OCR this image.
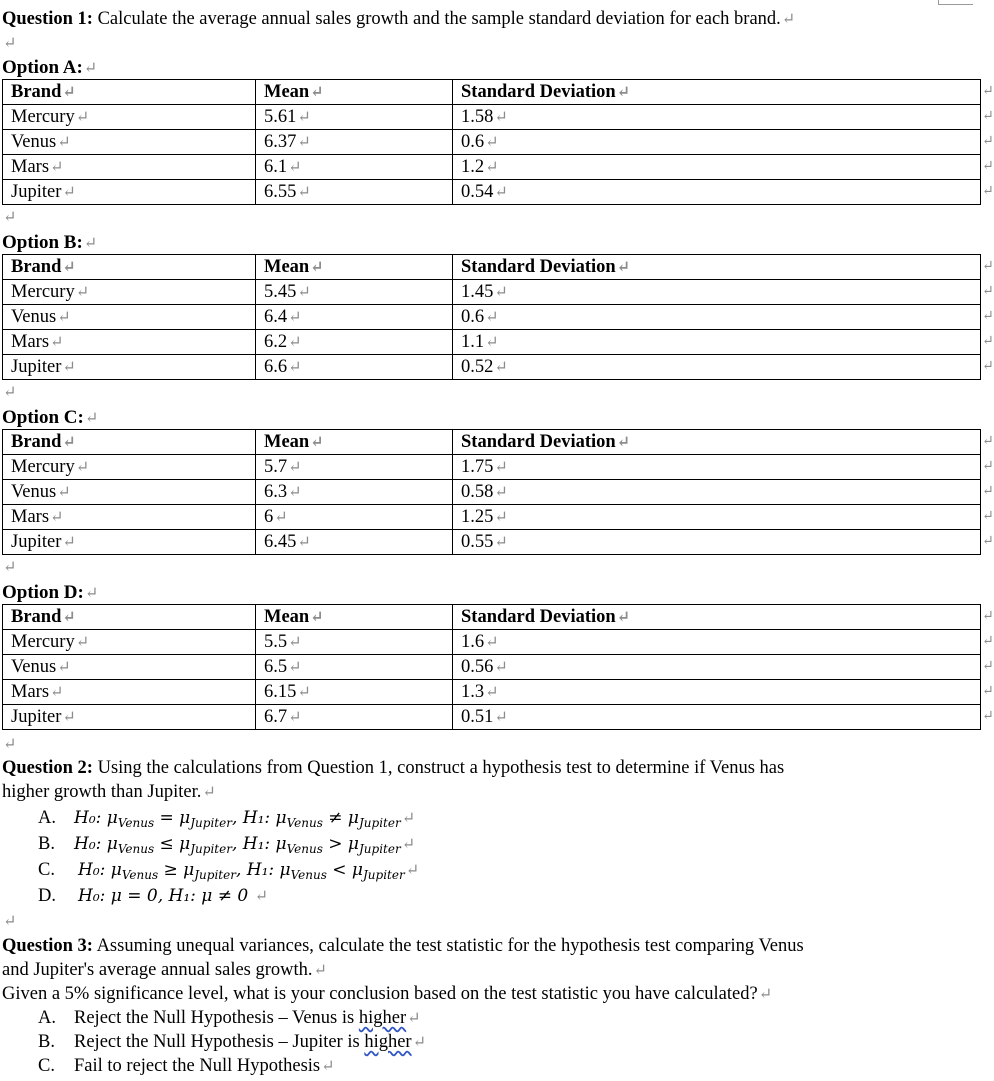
Question 1: Calculate the average annual sales growth and the sample standard deviation for each brand.↵
↵
Option A:↵
Brand↵	Mean↵	Standard Deviation↵
Mercury↵	5.61↵	1.58↵
Venus↵	6.37↵	0.6↵
Mars↵	6.1↵	1.2↵
Jupiter↵	6.55↵	0.54↵
↵
↵
↵
↵
↵
↵
Option B:↵
Brand↵	Mean↵	Standard Deviation↵
Mercury↵	5.45↵	1.45↵
Venus↵	6.4↵	0.6↵
Mars↵	6.2↵	1.1↵
Jupiter↵	6.6↵	0.52↵
↵
↵
↵
↵
↵
↵
Option C:↵
Brand↵	Mean↵	Standard Deviation↵
Mercury↵	5.7↵	1.75↵
Venus↵	6.3↵	0.58↵
Mars↵	6↵	1.25↵
Jupiter↵	6.45↵	0.55↵
↵
↵
↵
↵
↵
↵
Option D:↵
Brand↵	Mean↵	Standard Deviation↵
Mercury↵	5.5↵	1.6↵
Venus↵	6.5↵	0.56↵
Mars↵	6.15↵	1.3↵
Jupiter↵	6.7↵	0.51↵
↵
↵
↵
↵
↵
↵
Question 2: Using the calculations from Question 1, construct a hypothesis test to determine if Venus has
higher growth than Jupiter.↵
A. H₀: $\mu_{Venus} = \mu_{Jupiter}$, H₁: $\mu_{Venus}$ ≠ $\mu_{Jupiter}↵$
B. H₀: $\mu_{Venus} \le \mu_{Jupiter}$, H₁: $\mu_{Venus}$ > $\mu_{Jupiter}↵$
C. H₀: $\mu_{Venus} \ge \mu_{Jupiter}$, H₁: $\mu_{Venus}$ < $\mu_{Jupiter}↵$
D. H₀: μ = 0, H₁: μ ≠ 0 ↵
↵
Question 3: Assuming unequal variances, calculate the test statistic for the hypothesis test comparing Venus
and Jupiter's average annual sales growth.↵
Given a 5% significance level, what is your conclusion based on the test statistic you have calculated?↵
A. Reject the Null Hypothesis – Venus is higher↵
B. Reject the Null Hypothesis – Jupiter is higher↵
C. Fail to reject the Null Hypothesis↵
